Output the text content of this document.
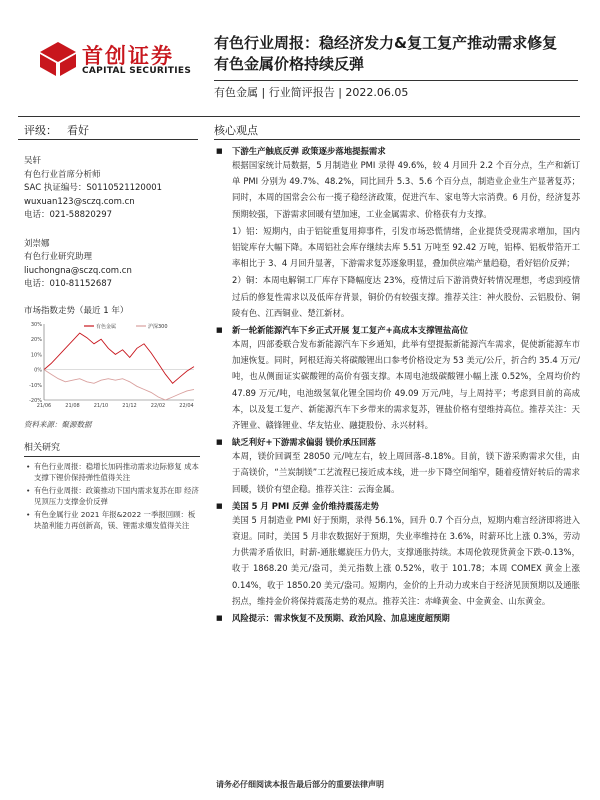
首创证券
CAPITAL SECURITIES
有色行业周报：稳经济发力&复工复产推动需求修复
有色金属价格持续反弹
有色金属 | 行业简评报告 | 2022.06.05
评级： 看好	核心观点
吴轩
有色行业首席分析师
SAC 执证编号：S0110521120001
wuxuan123@sczq.com.cn
电话：021-58820297
刘崇娜
有色行业研究助理
liuchongna@sczq.com.cn
电话：010-81152687
市场指数走势（最近 1 年）
30%
20%
10%
0%
-10%
-20%
21/06	21/08	21/10	21/12	22/02	22/04
有色金属	沪深300
资料来源：聚源数据
相关研究
• 有色行业周报：稳增长加码推动需求边际修复 成本支撑下锂价保持弹性值得关注
• 有色行业周报：政策推动下国内需求复苏在即 经济见顶压力支撑金价反弹
• 有色金属行业 2021 年报&2022 一季报回顾：板块盈利能力再创新高，镁、锂需求爆发值得关注
■ 下游生产触底反弹 政策逐步落地提振需求
根据国家统计局数据，5 月制造业 PMI 录得 49.6%，较 4 月回升 2.2 个百分点，生产和新订单 PMI 分别为 49.7%、48.2%，同比回升 5.3、5.6 个百分点，制造业企业生产显著复苏；同时，本周的国常会公布一揽子稳经济政策，促进汽车、家电等大宗消费。6 月份，经济复苏预期较强，下游需求回暖有望加速，工业金属需求、价格获有力支撑。
1）铝：短期内，由于铝锭重复用抑事件，引发市场恐慌情绪，企业提货受现需求增加，国内铝锭库存大幅下降。本周铝社会库存继续去库 5.51 万吨至 92.42 万吨，铝棒、铝板带箔开工率相比于 3、4 月回升显著，下游需求复苏逐象明显，叠加供应端产量趋稳，看好铝价反弹；
2）铜：本周电解铜工厂库存下降幅度达 23%，疫情过后下游消费好转情况理想，考虑到疫情过后的修复性需求以及低库存背景，铜价仍有较强支撑。推荐关注：神火股份、云铝股份、铜陵有色、江西铜业、楚江新材。
■ 新一轮新能源汽车下乡正式开展 复工复产+高成本支撑锂盐高位
本周，四部委联合发布新能源汽车下乡通知，此举有望提振新能源汽车需求，促使新能源车市加速恢复。同时，阿根廷海关将碳酸锂出口参考价格设定为 53 美元/公斤，折合约 35.4 万元/吨，也从侧面证实碳酸锂的高价有强支撑。本周电池级碳酸锂小幅上涨 0.52%，全周均价约 47.89 万元/吨，电池级氢氧化锂全国均价 49.09 万元/吨，与上周持平；考虑到目前的高成本，以及复工复产、新能源汽车下乡带来的需求复苏，锂盐价格有望维持高位。推荐关注：天齐锂业、赣锋锂业、华友钴业、融捷股份、永兴材料。
■ 缺乏利好+下游需求偏弱 镁价承压回落
本周，镁价回调至 28050 元/吨左右，较上周回落-8.18%。目前，镁下游采购需求欠佳，由于高镁价，“兰炭制镁”工艺流程已接近成本线，进一步下降空间缩窄，随着疫情好转后的需求回暖，镁价有望企稳。推荐关注：云海金属。
■ 美国 5 月 PMI 反弹 金价维持震荡走势
美国 5 月制造业 PMI 好于预期，录得 56.1%，回升 0.7 个百分点，短期内难言经济即将进入衰退。同时，美国 5 月非农数据好于预期，失业率维持在 3.6%，时薪环比上涨 0.3%，劳动力供需矛盾依旧，时薪-通胀螺旋压力仍大，支撑通胀持续。本周伦敦现货黄金下跌-0.13%，收于 1868.20 美元/盎司，美元指数上涨 0.52%，收于 101.78；本周 COMEX 黄金上涨 0.14%，收于 1850.20 美元/盎司。短期内，金价的上升动力或来自于经济见顶预期以及通胀拐点，维持金价将保持震荡走势的观点。推荐关注：赤峰黄金、中金黄金、山东黄金。
■ 风险提示：需求恢复不及预期、政治风险、加息速度超预期
请务必仔细阅读本报告最后部分的重要法律声明
